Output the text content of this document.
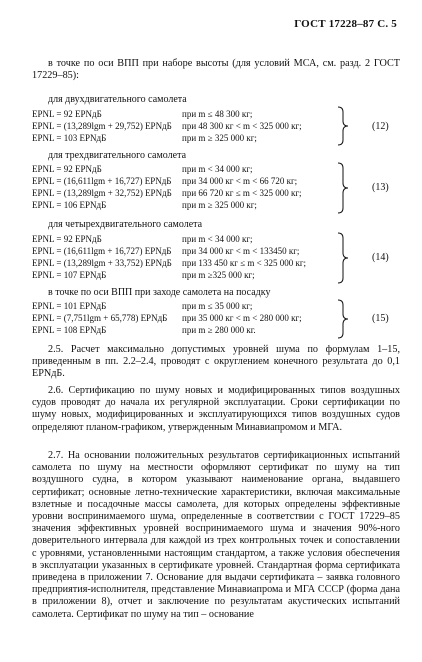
ГОСТ 17228–87 С. 5
в точке по оси ВПП при наборе высоты (для условий МСА, см. разд. 2 ГОСТ 17229–85):
для двухдвигательного самолета
EPNL = 92 EPNдБ	при m ≤ 48 300 кг;
EPNL = (13,289lgm + 29,752) EPNдБ при 48 300 кг < m < 325 000 кг;
EPNL = 103 EPNдБ	при m ≥ 325 000 кг;
(12)
для трехдвигательного самолета
EPNL = 92 EPNдБ	при m < 34 000 кг;
EPNL = (16,611lgm + 16,727) EPNдБ при 34 000 кг < m < 66 720 кг;
EPNL = (13,289lgm + 32,752) EPNдБ при 66 720 кг ≤ m < 325 000 кг;
EPNL = 106 EPNдБ	при m ≥ 325 000 кг;
(13)
для четырехдвигательного самолета
EPNL = 92 EPNдБ	при m < 34 000 кг;
EPNL = (16,611lgm + 16,727) EPNдБ при 34 000 кг < m < 133450 кг;
EPNL = (13,289lgm + 33,752) EPNдБ при 133 450 кг ≤ m < 325 000 кг;
EPNL = 107 EPNдБ	при m ≥325 000 кг;
(14)
в точке по оси ВПП при заходе самолета на посадку
EPNL = 101 EPNдБ	при m ≤ 35 000 кг;
EPNL = (7,751lgm + 65,778) EPNдБ при 35 000 кг < m < 280 000 кг;
EPNL = 108 EPNдБ	при m ≥ 280 000 кг.
(15)
2.5. Расчет максимально допустимых уровней шума по формулам 1–15, приведенным в пп. 2.2–2.4, проводят с округлением конечного результата до 0,1 EPNдБ.
2.6. Сертификацию по шуму новых и модифицированных типов воздушных судов проводят до начала их регулярной эксплуатации. Сроки сертификации по шуму новых, модифицированных и эксплуатирующихся типов воздушных судов определяют планом-графиком, утвержденным Минавиапромом и МГА.
2.7. На основании положительных результатов сертификационных испытаний самолета по шуму на местности оформляют сертификат по шуму на тип воздушного судна, в котором указывают наименование органа, выдавшего сертификат; основные летно-технические характеристики, включая максимальные взлетные и посадочные массы самолета, для которых определены эффективные уровни воспринимаемого шума, определенные в соответствии с ГОСТ 17229–85 значения эффективных уровней воспринимаемого шума и значения 90%-ного доверительного интервала для каждой из трех контрольных точек и сопоставлении с уровнями, установленными настоящим стандартом, а также условия обеспечения в эксплуатации указанных в сертификате уровней. Стандартная форма сертификата приведена в приложении 7. Основание для выдачи сертификата – заявка головного предприятия-исполнителя, представление Минавиапрома и МГА СССР (форма дана в приложении 8), отчет и заключение по результатам акустических испытаний самолета. Сертификат по шуму на тип – основание
